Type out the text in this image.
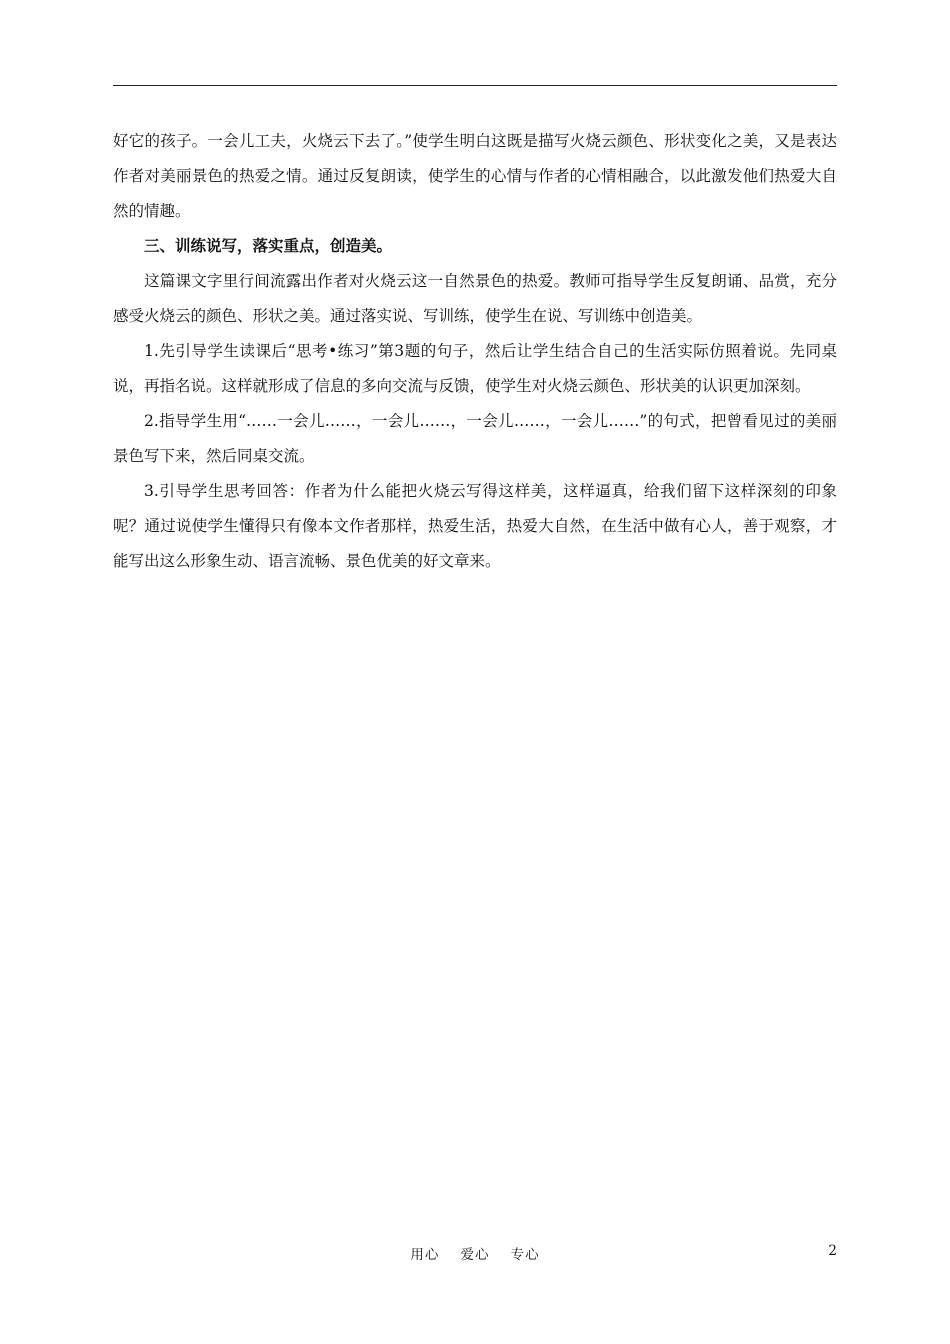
好它的孩子。一会儿工夫，火烧云下去了。”使学生明白这既是描写火烧云颜色、形状变化之美，又是表达作者对美丽景色的热爱之情。通过反复朗读，使学生的心情与作者的心情相融合，以此激发他们热爱大自然的情趣。

三、训练说写，落实重点，创造美。

这篇课文字里行间流露出作者对火烧云这一自然景色的热爱。教师可指导学生反复朗诵、品赏，充分感受火烧云的颜色、形状之美。通过落实说、写训练，使学生在说、写训练中创造美。

1.先引导学生读课后“思考•练习”第3题的句子，然后让学生结合自己的生活实际仿照着说。先同桌说，再指名说。这样就形成了信息的多向交流与反馈，使学生对火烧云颜色、形状美的认识更加深刻。

2.指导学生用“……一会儿……，一会儿……，一会儿……，一会儿……”的句式，把曾看见过的美丽景色写下来，然后同桌交流。

3.引导学生思考回答：作者为什么能把火烧云写得这样美，这样逼真，给我们留下这样深刻的印象呢？通过说使学生懂得只有像本文作者那样，热爱生活，热爱大自然，在生活中做有心人，善于观察，才能写出这么形象生动、语言流畅、景色优美的好文章来。

用心    爱心    专心	2
